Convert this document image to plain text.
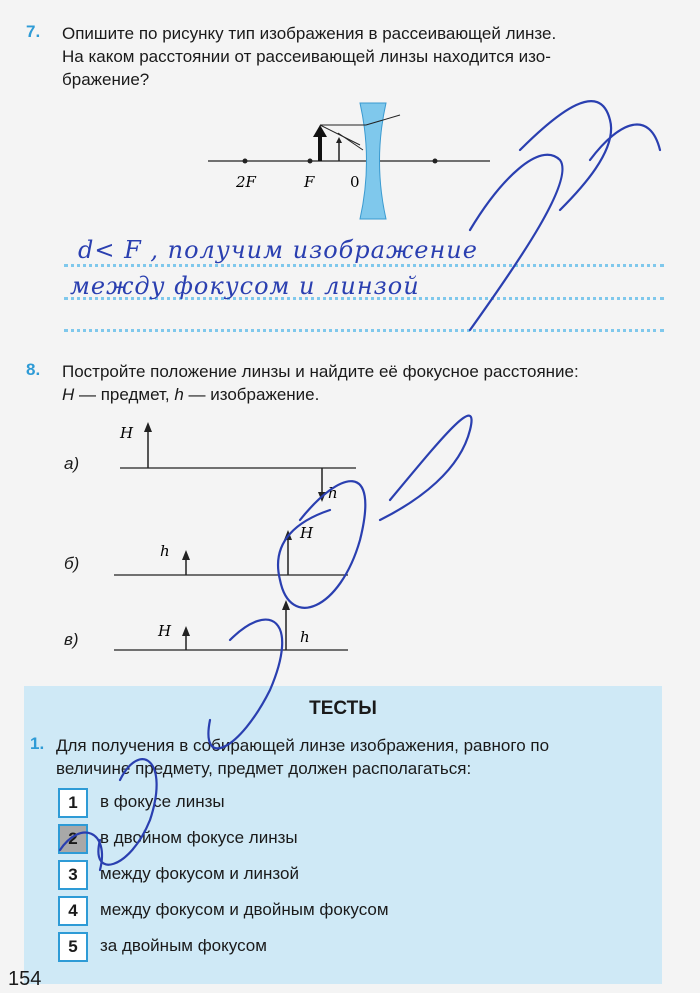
7. Опишите по рисунку тип изображения в рассеивающей линзе.
На каком расстоянии от рассеивающей линзы находится изо-
бражение?
2F	F 0
d< F , получим изображение
между фокусом и линзой
8. Постройте положение линзы и найдите её фокусное расстояние:
H — предмет, h — изображение.
а)
б)
в)
H
h
h
H
H	h
ТЕСТЫ
1. Для получения в собирающей линзе изображения, равного по
величине предмету, предмет должен располагаться:
1	в фокусе линзы
2	в двойном фокусе линзы
3	между фокусом и линзой
4	между фокусом и двойным фокусом
5	за двойным фокусом
154
